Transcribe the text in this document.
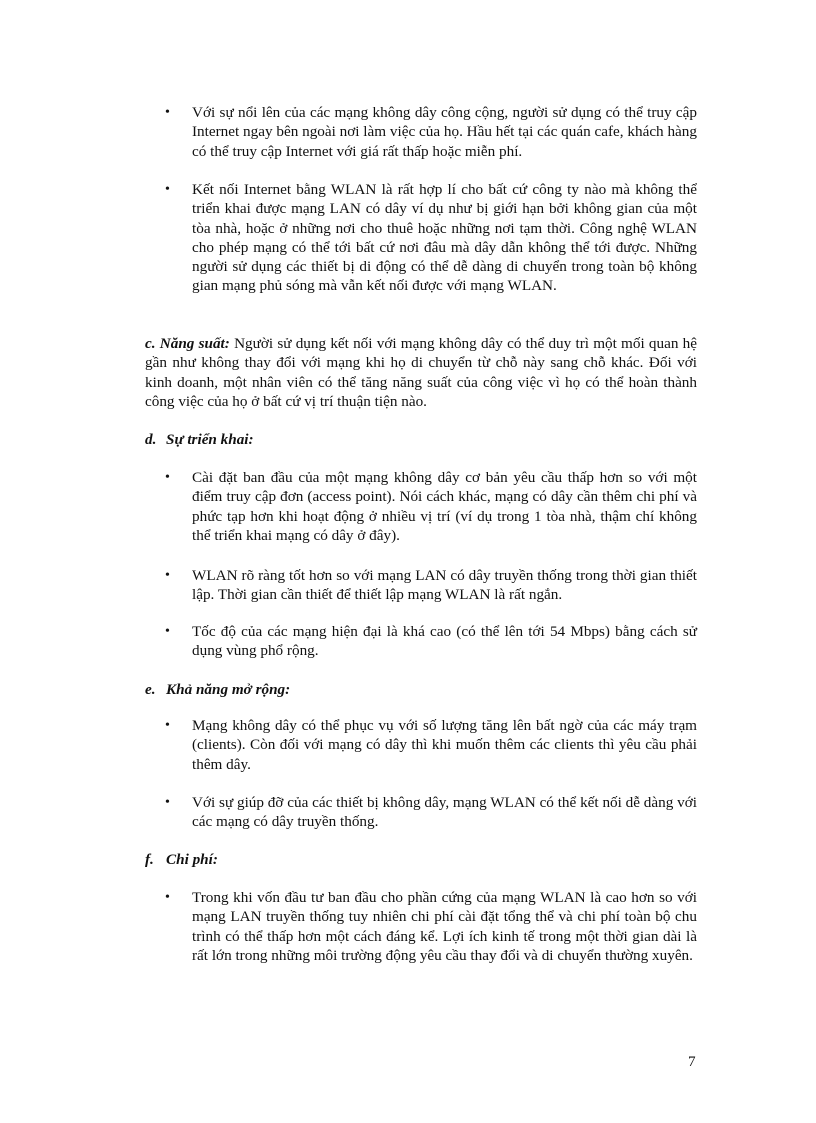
•	Với sự nổi lên của các mạng không dây công cộng, người sử dụng có thể truy cập Internet ngay bên ngoài nơi làm việc của họ. Hầu hết tại các quán cafe, khách hàng có thể truy cập Internet với giá rất thấp hoặc miễn phí.
•	Kết nối Internet bằng WLAN là rất hợp lí cho bất cứ công ty nào mà không thể triển khai được mạng LAN có dây ví dụ như bị giới hạn bởi không gian của một tòa nhà, hoặc ở những nơi cho thuê hoặc những nơi tạm thời. Công nghệ WLAN cho phép mạng có thể tới bất cứ nơi đâu mà dây dẫn không thể tới được. Những người sử dụng các thiết bị di động có thể dễ dàng di chuyển trong toàn bộ không gian mạng phủ sóng mà vẫn kết nối được với mạng WLAN.
c. Năng suất: Người sử dụng kết nối với mạng không dây có thể duy trì một mối quan hệ gần như không thay đổi với mạng khi họ di chuyển từ chỗ này sang chỗ khác. Đối với kinh doanh, một nhân viên có thể tăng năng suất của công việc vì họ có thể hoàn thành công việc của họ ở bất cứ vị trí thuận tiện nào.
d. Sự triển khai:
•	Cài đặt ban đầu của một mạng không dây cơ bản yêu cầu thấp hơn so với một điểm truy cập đơn (access point). Nói cách khác, mạng có dây cần thêm chi phí và phức tạp hơn khi hoạt động ở nhiều vị trí (ví dụ trong 1 tòa nhà, thậm chí không thể triển khai mạng có dây ở đây).
•	WLAN rõ ràng tốt hơn so với mạng LAN có dây truyền thống trong thời gian thiết lập. Thời gian cần thiết để thiết lập mạng WLAN là rất ngắn.
•	Tốc độ của các mạng hiện đại là khá cao (có thể lên tới 54 Mbps) bằng cách sử dụng vùng phổ rộng.
e. Khả năng mở rộng:
•	Mạng không dây có thể phục vụ với số lượng tăng lên bất ngờ của các máy trạm (clients). Còn đối với mạng có dây thì khi muốn thêm các clients thì yêu cầu phải thêm dây.
•	Với sự giúp đỡ của các thiết bị không dây, mạng WLAN có thể kết nối dễ dàng với các mạng có dây truyền thống.
f. Chi phí:
•	Trong khi vốn đầu tư ban đầu cho phần cứng của mạng WLAN là cao hơn so với mạng LAN truyền thống tuy nhiên chi phí cài đặt tổng thể và chi phí toàn bộ chu trình có thể thấp hơn một cách đáng kể. Lợi ích kinh tế trong một thời gian dài là rất lớn trong những môi trường động yêu cầu thay đổi và di chuyển thường xuyên.
7
